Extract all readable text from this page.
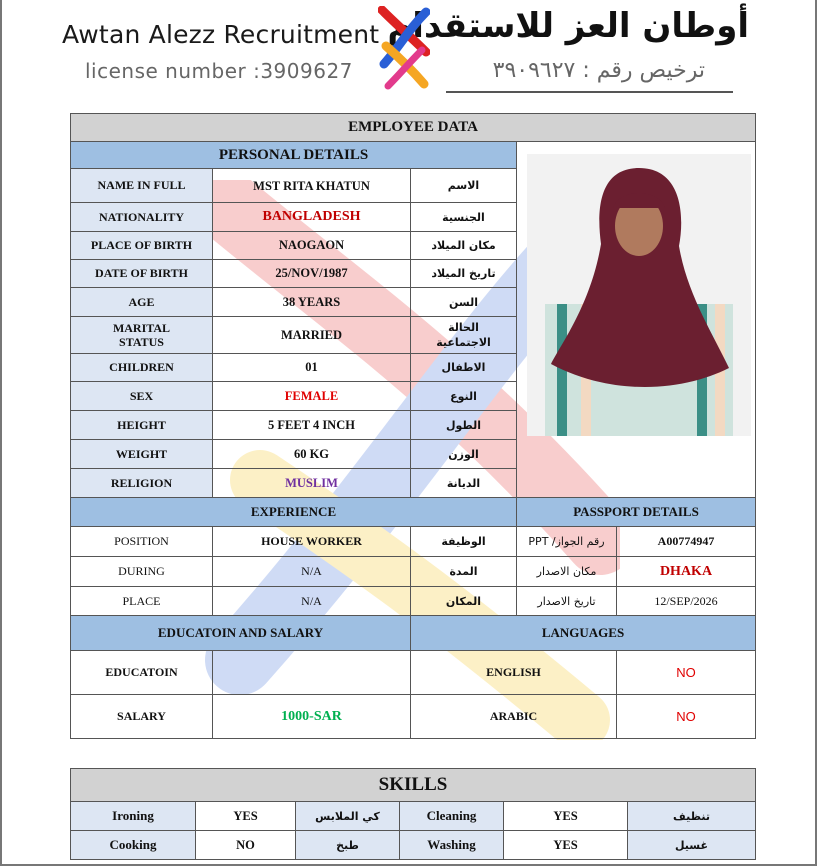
Awtan Alezz Recruitment
license number :3909627
أوطان العز للاستقدام
ترخيص رقم : ٣٩٠٩٦٢٧
EMPLOYEE DATA				
PERSONAL DETAILS	

NAME IN FULL	MST RITA KHATUN	الاسم		
NATIONALITY	BANGLADESH	الجنسية		
PLACE OF BIRTH	NAOGAON	مكان الميلاد		
DATE OF BIRTH	25/NOV/1987	تاريخ الميلاد		
AGE	38 YEARS	السن		
MARITAL STATUS	MARRIED	الحالة الاجتماعية		
CHILDREN	01	الاطفال		
SEX	FEMALE	النوع		
HEIGHT	5 FEET 4 INCH	الطول		
WEIGHT	60 KG	الوزن		
RELIGION	MUSLIM	الديانة		
EXPERIENCE			PASSPORT DETAILS	
POSITION	HOUSE WORKER	الوظيفة	PPT /رقم الجواز	A00774947
DURING	N/A	المدة	مكان الاصدار	DHAKA
PLACE	N/A	المكان	تاريخ الاصدار	12/SEP/2026
EDUCATOIN AND SALARY		LANGUAGES		
EDUCATOIN		ENGLISH		NO
SALARY	1000-SAR	ARABIC		NO
SKILLS					
Ironing	YES	كي الملابس	Cleaning	YES	تنظيف
Cooking	NO	طبخ	Washing	YES	غسيل
